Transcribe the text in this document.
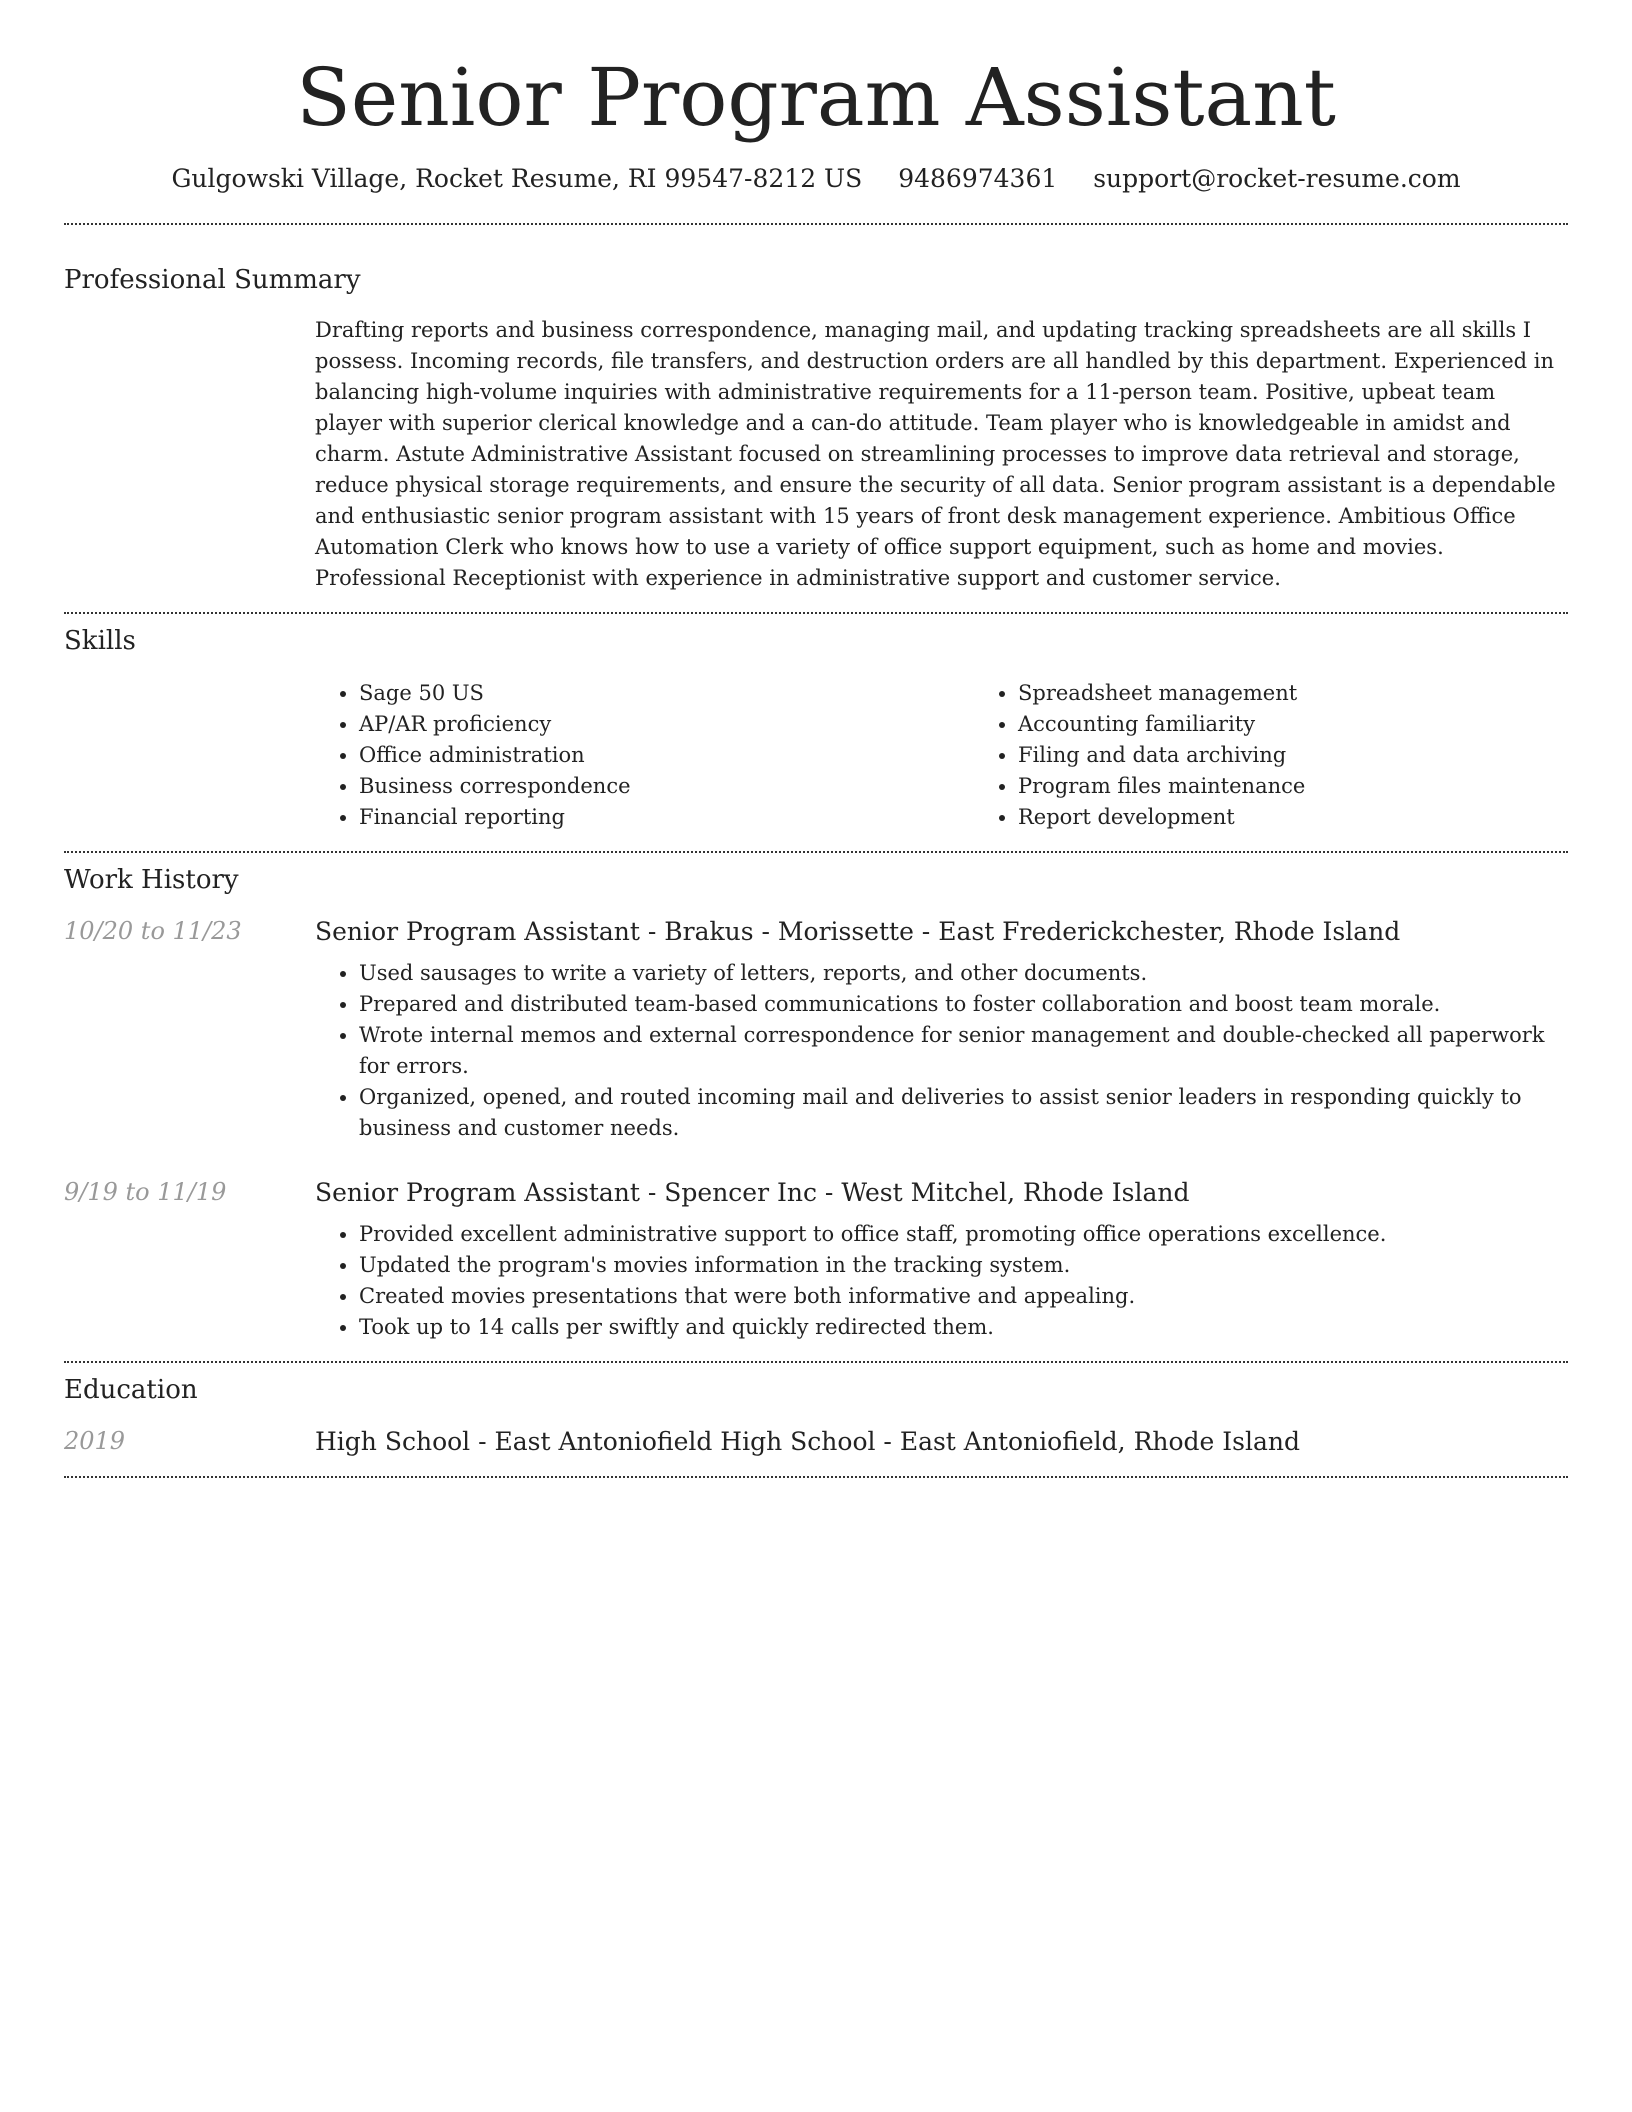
Senior Program Assistant
Gulgowski Village, Rocket Resume, RI 99547-8212 US 9486974361 support@rocket-resume.com
Professional Summary

Drafting reports and business correspondence, managing mail, and updating tracking spreadsheets are all skills I possess. Incoming records, file transfers, and destruction orders are all handled by this department. Experienced in balancing high-volume inquiries with administrative requirements for a 11-person team. Positive, upbeat team player with superior clerical knowledge and a can-do attitude. Team player who is knowledgeable in amidst and charm. Astute Administrative Assistant focused on streamlining processes to improve data retrieval and storage, reduce physical storage requirements, and ensure the security of all data. Senior program assistant is a dependable and enthusiastic senior program assistant with 15 years of front desk management experience. Ambitious Office Automation Clerk who knows how to use a variety of office support equipment, such as home and movies. Professional Receptionist with experience in administrative support and customer service.

Skills
• Sage 50 US
• AP/AR proficiency
• Office administration
• Business correspondence
• Financial reporting
• Spreadsheet management
• Accounting familiarity
• Filing and data archiving
• Program files maintenance
• Report development
Work History
10/20 to 11/23	Senior Program Assistant - Brakus - Morissette - East Frederickchester, Rhode Island
• Used sausages to write a variety of letters, reports, and other documents.
• Prepared and distributed team-based communications to foster collaboration and boost team morale.
• Wrote internal memos and external correspondence for senior management and double-checked all paperwork for errors.
• Organized, opened, and routed incoming mail and deliveries to assist senior leaders in responding quickly to business and customer needs.
9/19 to 11/19	Senior Program Assistant - Spencer Inc - West Mitchel, Rhode Island
• Provided excellent administrative support to office staff, promoting office operations excellence.
• Updated the program's movies information in the tracking system.
• Created movies presentations that were both informative and appealing.
• Took up to 14 calls per swiftly and quickly redirected them.
Education
2019	High School - East Antoniofield High School - East Antoniofield, Rhode Island
